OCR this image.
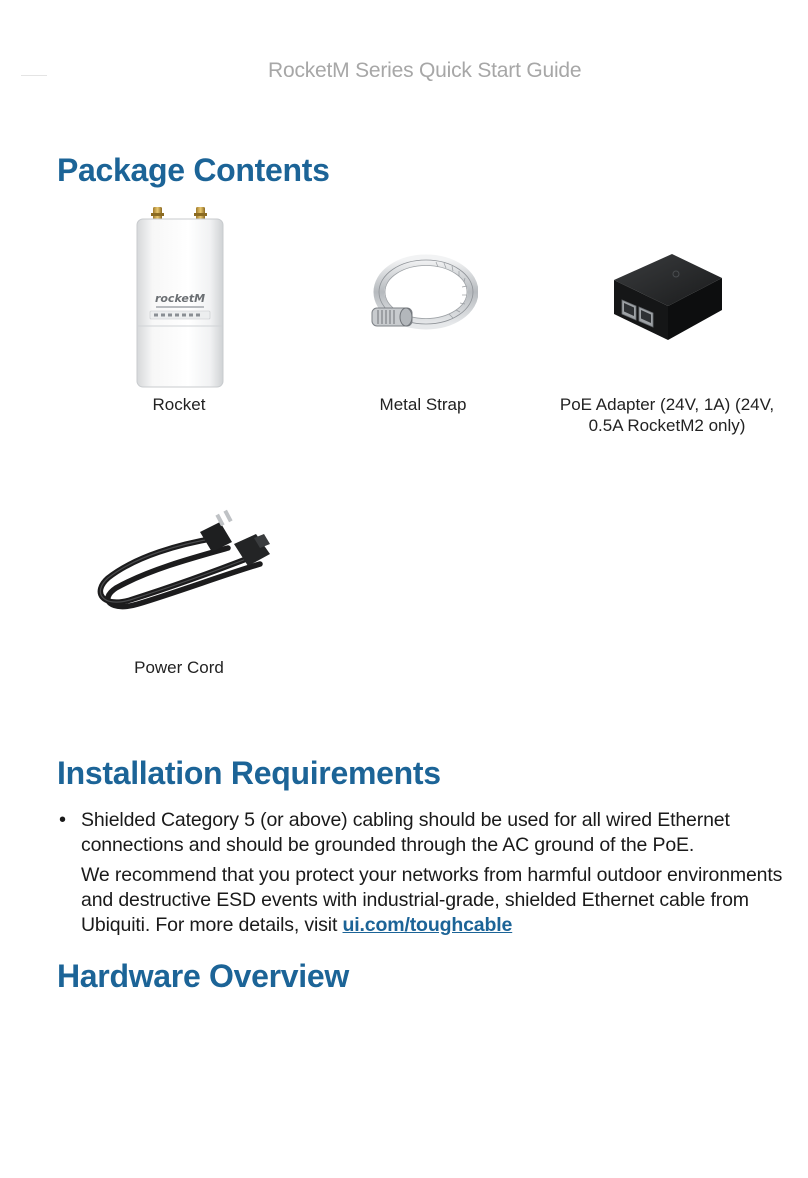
RocketM Series Quick Start Guide
Package Contents
rocketM
Rocket	Metal Strap	PoE Adapter (24V, 1A) (24V, 0.5A RocketM2 only)
Power Cord
Installation Requirements
• Shielded Category 5 (or above) cabling should be used for all wired Ethernet connections and should be grounded through the AC ground of the PoE.

We recommend that you protect your networks from harmful outdoor environments and destructive ESD events with industrial-grade, shielded Ethernet cable from Ubiquiti. For more details, visit ui.com/toughcable

Hardware Overview
